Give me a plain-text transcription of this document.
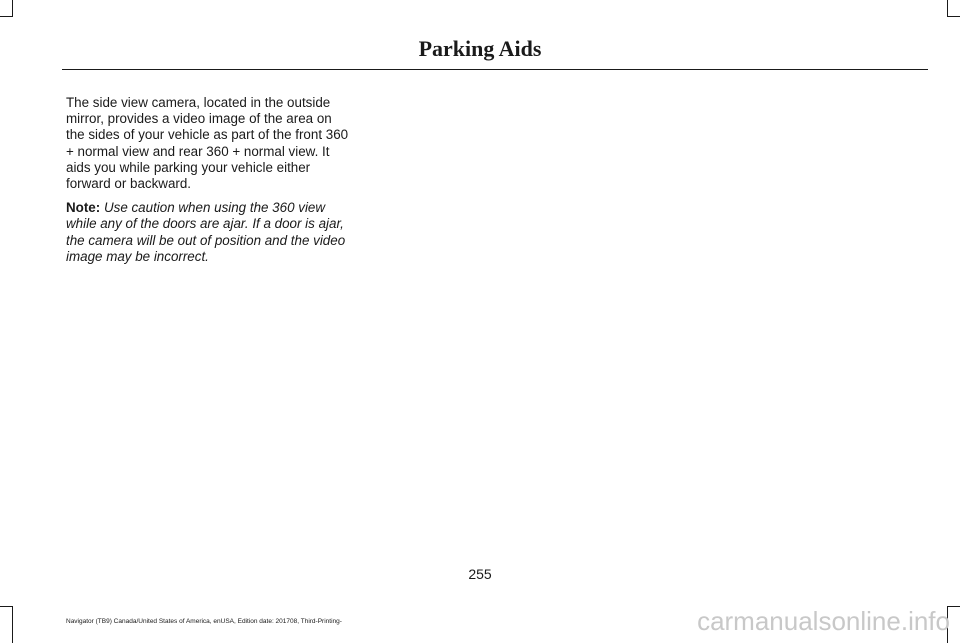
Parking Aids

The side view camera, located in the outside mirror, provides a video image of the area on the sides of your vehicle as part of the front 360 + normal view and rear 360 + normal view. It aids you while parking your vehicle either forward or backward.

Note: Use caution when using the 360 view while any of the doors are ajar. If a door is ajar, the camera will be out of position and the video image may be incorrect.

255
Navigator (TB9) Canada/United States of America, enUSA, Edition date: 201708, Third-Printing-	carmanualsonline.info
